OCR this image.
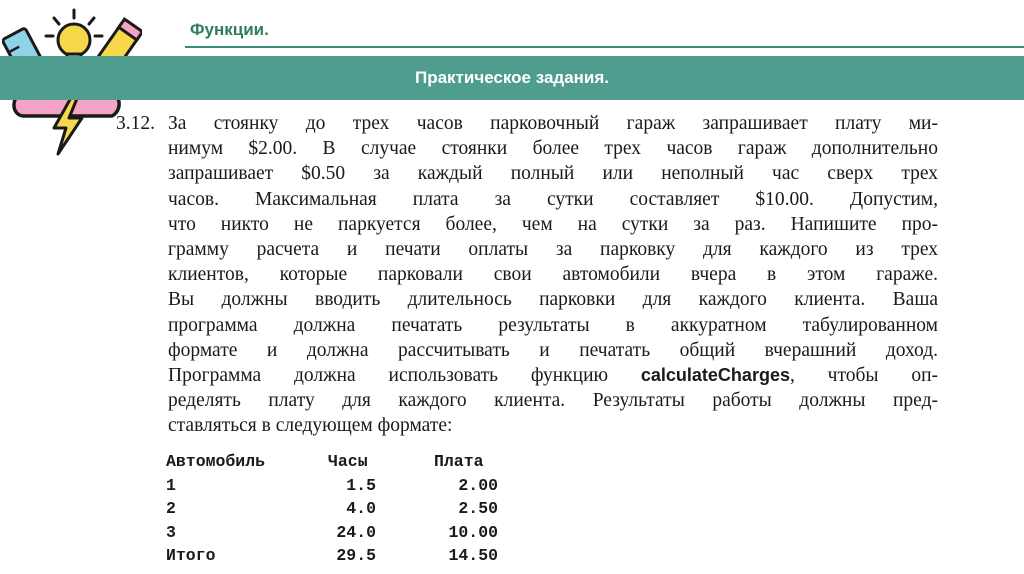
Функции.
Практическое задания.
3.12. За стоянку до трех часов парковочный гараж запрашивает плату ми-
нимум $2.00. В случае стоянки более трех часов гараж дополнительно
запрашивает $0.50 за каждый полный или неполный час сверх трех
часов. Максимальная плата за сутки составляет $10.00. Допустим,
что никто не паркуется более, чем на сутки за раз. Напишите про-
грамму расчета и печати оплаты за парковку для каждого из трех
клиентов, которые парковали свои автомобили вчера в этом гараже.
Вы должны вводить длительнось парковки для каждого клиента. Ваша
программа должна печатать результаты в аккуратном табулированном
формате и должна рассчитывать и печатать общий вчерашний доход.
Программа должна использовать функцию calculateCharges, чтобы оп-
ределять плату для каждого клиента. Результаты работы должны пред-
ставляться в следующем формате:
Автомобиль	Часы	Плата
1	1.5	2.00
2	4.0	2.50
3	24.0	10.00
Итого	29.5	14.50
